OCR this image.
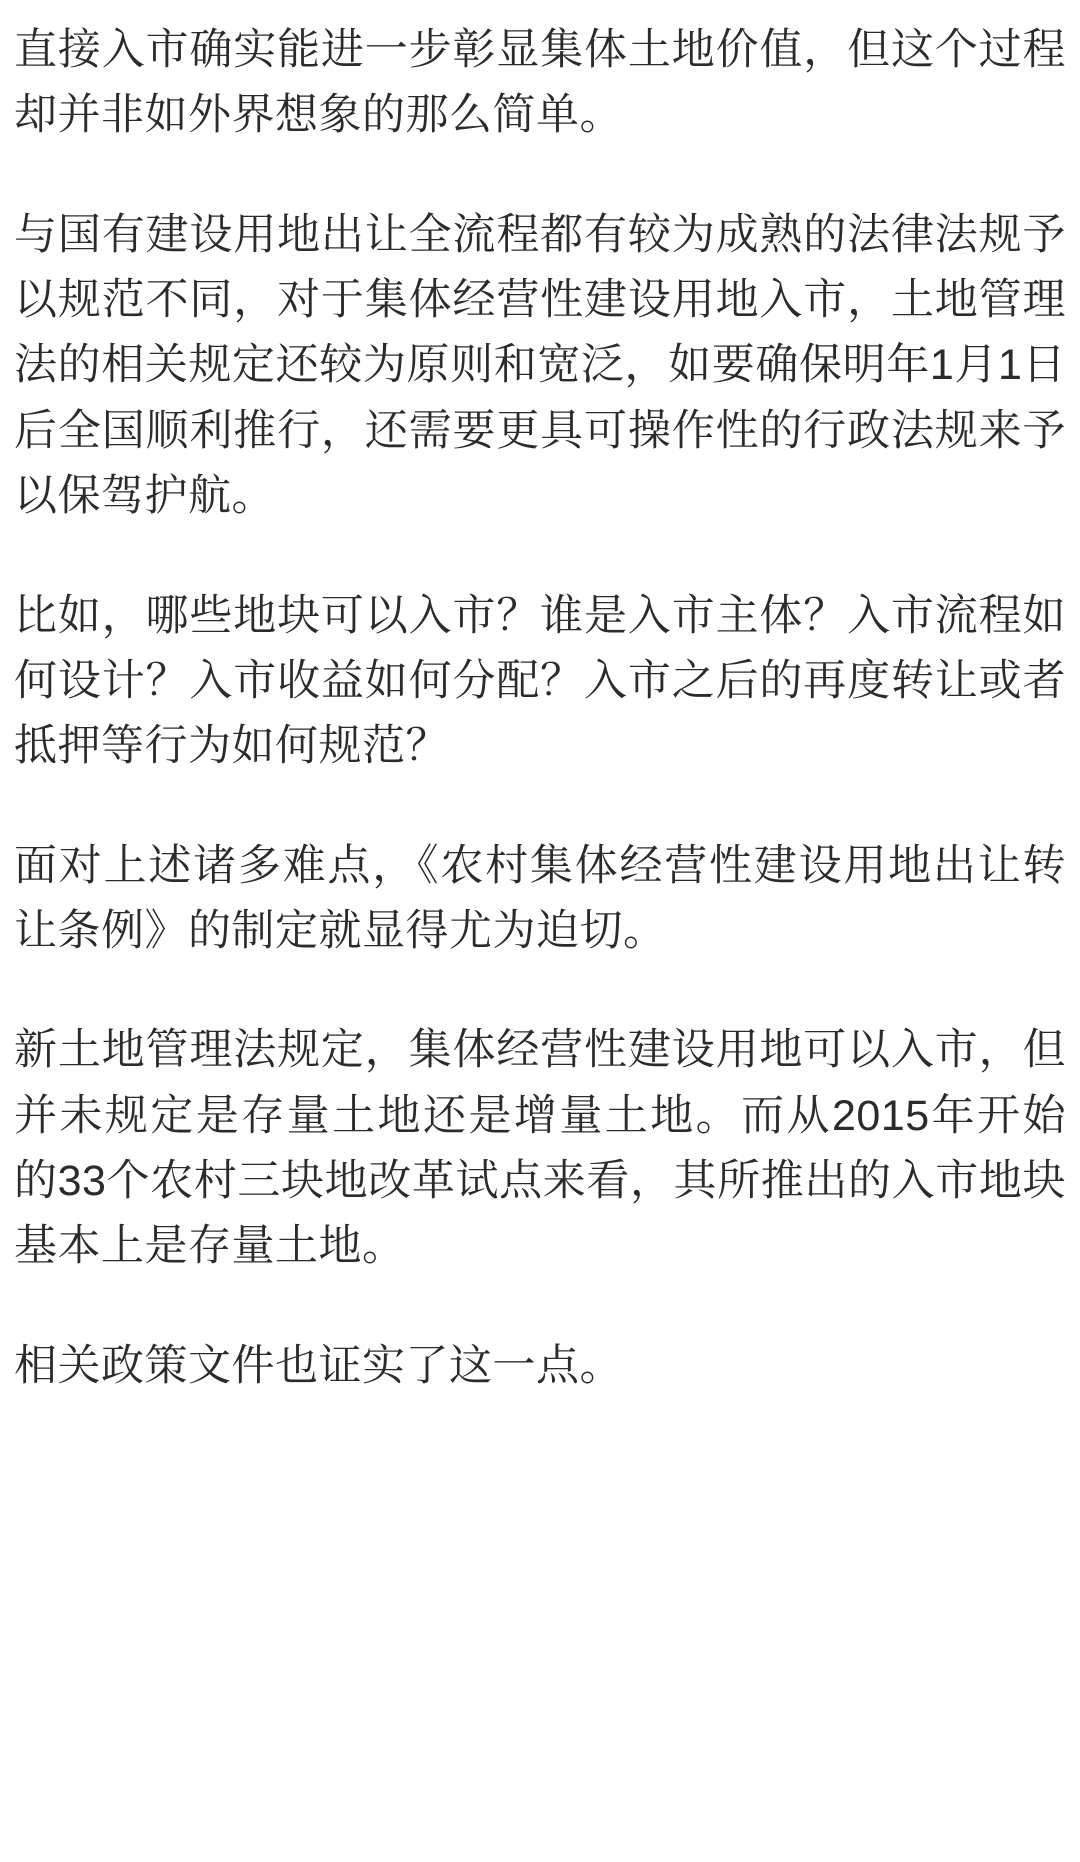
直接入市确实能进一步彰显集体土地价值，但这个过程却并非如外界想象的那么简单。

与国有建设用地出让全流程都有较为成熟的法律法规予以规范不同，对于集体经营性建设用地入市，土地管理法的相关规定还较为原则和宽泛，如要确保明年1月1日后全国顺利推行，还需要更具可操作性的行政法规来予以保驾护航。

比如，哪些地块可以入市？谁是入市主体？入市流程如何设计？入市收益如何分配？入市之后的再度转让或者抵押等行为如何规范？

面对上述诸多难点，《农村集体经营性建设用地出让转让条例》的制定就显得尤为迫切。

新土地管理法规定，集体经营性建设用地可以入市，但并未规定是存量土地还是增量土地。而从2015年开始的33个农村三块地改革试点来看，其所推出的入市地块基本上是存量土地。

相关政策文件也证实了这一点。
